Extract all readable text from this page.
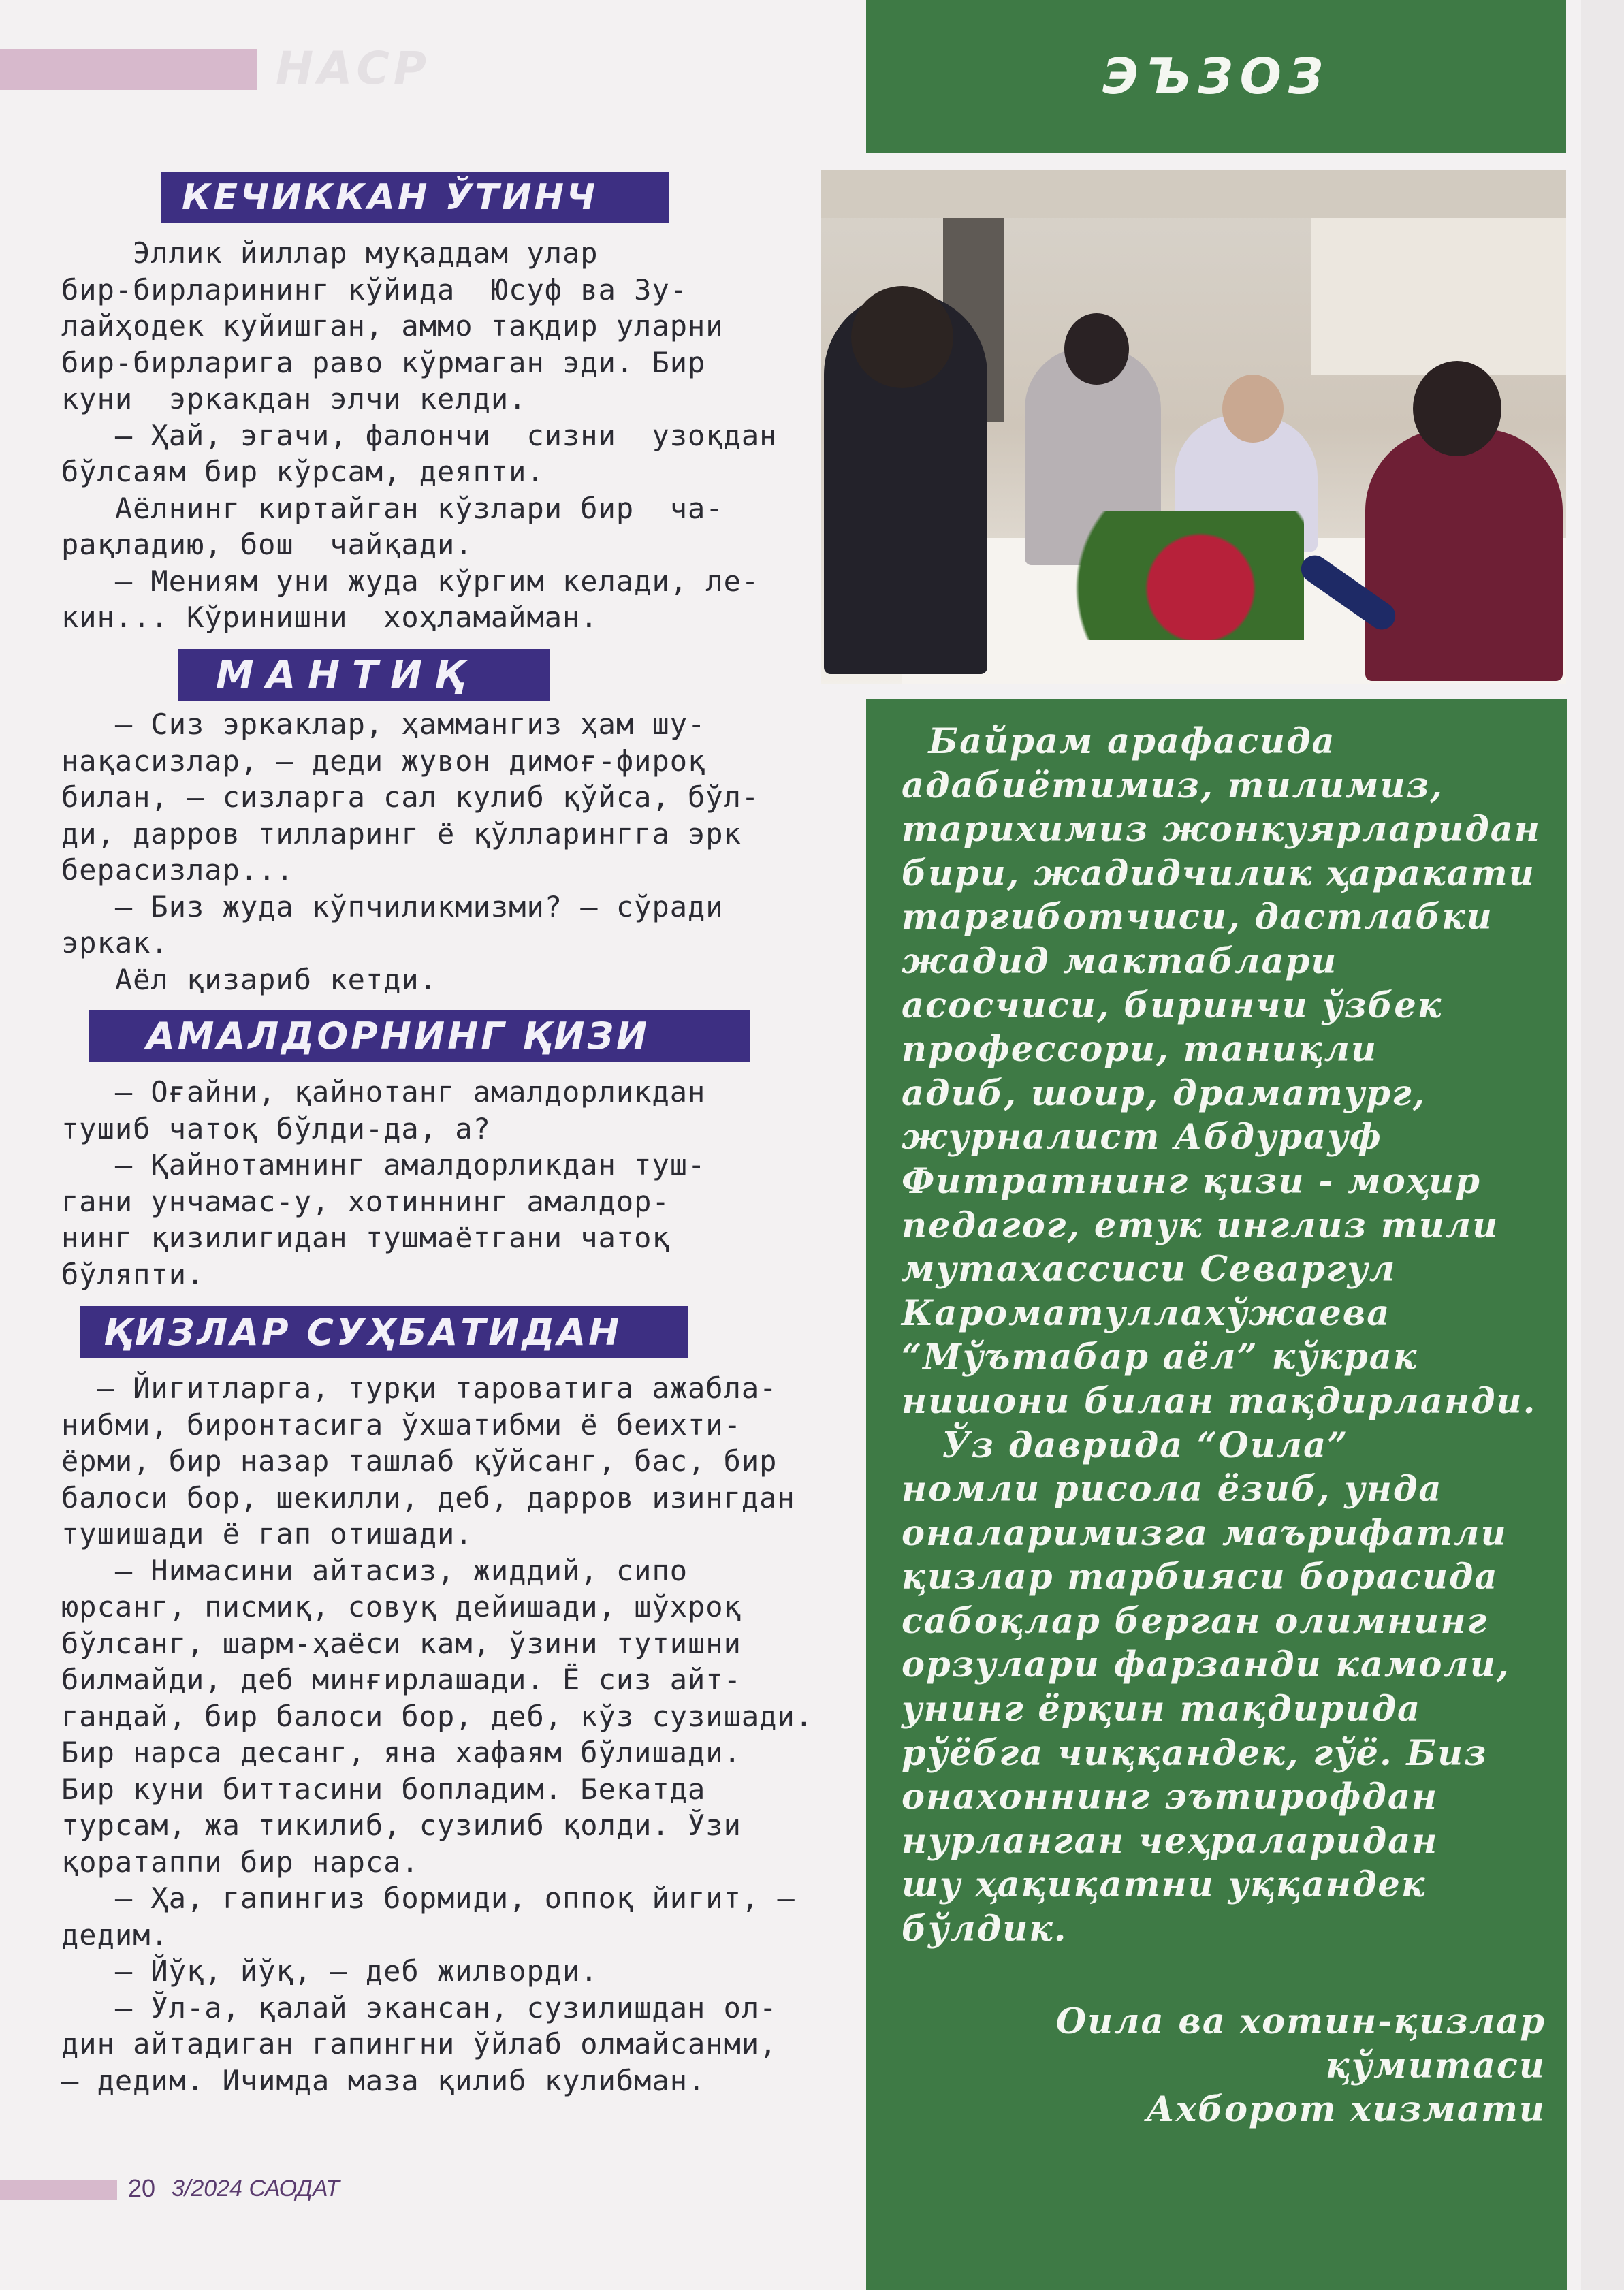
НАСР	ЭЪЗОЗ
КЕЧИККАН ЎТИНЧ

Эллик йиллар муқаддам улар

бир-бирларининг кўйида  Юсуф ва Зу-

лайҳодек куйишган, аммо тақдир уларни

бир-бирларига раво кўрмаган эди. Бир

куни  эркакдан элчи келди.

– Ҳай, эгачи, фалончи  сизни  узоқдан

бўлсаям бир кўрсам, деяпти.

Аёлнинг киртайган кўзлари бир  ча-

рақладию, бош  чайқади.

– Мениям уни жуда кўргим келади, ле-

кин... Кўринишни  хоҳламайман.

МАНТИҚ

– Сиз эркаклар, ҳаммангиз ҳам шу-

нақасизлар, – деди жувон димоғ-фироқ

билан, – сизларга сал кулиб қўйса, бўл-

ди, дарров тилларинг ё қўлларингга эрк

берасизлар...

– Биз жуда кўпчиликмизми? – сўради

эркак.

Аёл қизариб кетди.

АМАЛДОРНИНГ ҚИЗИ

– Оғайни, қайнотанг амалдорликдан

тушиб чатоқ бўлди-да, а?

– Қайнотамнинг амалдорликдан туш-

гани унчамас-у, хотиннинг амалдор-

нинг қизилигидан тушмаётгани чатоқ

бўляпти.

ҚИЗЛАР СУҲБАТИДАН

– Йигитларга, турқи тароватига ажабла-

нибми, биронтасига ўхшатибми ё беихти-

ёрми, бир назар ташлаб қўйсанг, бас, бир

балоси бор, шекилли, деб, дарров изингдан

тушишади ё гап отишади.

– Нимасини айтасиз, жиддий, сипо

юрсанг, писмиқ, совуқ дейишади, шўхроқ

бўлсанг, шарм-ҳаёси кам, ўзини тутишни

билмайди, деб минғирлашади. Ё сиз айт-

гандай, бир балоси бор, деб, кўз сузишади.

Бир нарса десанг, яна хафаям бўлишади.

Бир куни биттасини бопладим. Бекатда

турсам, жа тикилиб, сузилиб қолди. Ўзи

қоратаппи бир нарса.

– Ҳа, гапингиз бормиди, оппоқ йигит, –

дедим.

– Йўқ, йўқ, – деб жилворди.

– Ўл-а, қалай экансан, сузилишдан ол-

дин айтадиган гапингни ўйлаб олмайсанми,

– дедим. Ичимда маза қилиб кулибман.

Байрам арафасида

адабиётимиз, тилимиз,

тарихимиз жонкуярларидан

бири, жадидчилик ҳаракати

тарғиботчиси, дастлабки

жадид мактаблари

асосчиси, биринчи ўзбек

профессори, таниқли

адиб, шоир, драматург,

журналист Абдурауф

Фитратнинг қизи - моҳир

педагог, етук инглиз тили

мутахассиси Севаргул

Кароматуллахўжаева

“Мўътабар аёл” кўкрак

нишони билан тақдирланди.

Ўз даврида “Оила”

номли рисола ёзиб, унда

оналаримизга маърифатли

қизлар тарбияси борасида

сабоқлар берган олимнинг

орзулари фарзанди камоли,

унинг ёрқин тақдирида

рўёбга чиққандек, гўё. Биз

онахоннинг эътирофдан

нурланган чеҳраларидан

шу ҳақиқатни уққандек

бўлдик.

Оила ва хотин-қизлар

қўмитаси

Ахборот хизмати

20 3/2024 САОДАТ
